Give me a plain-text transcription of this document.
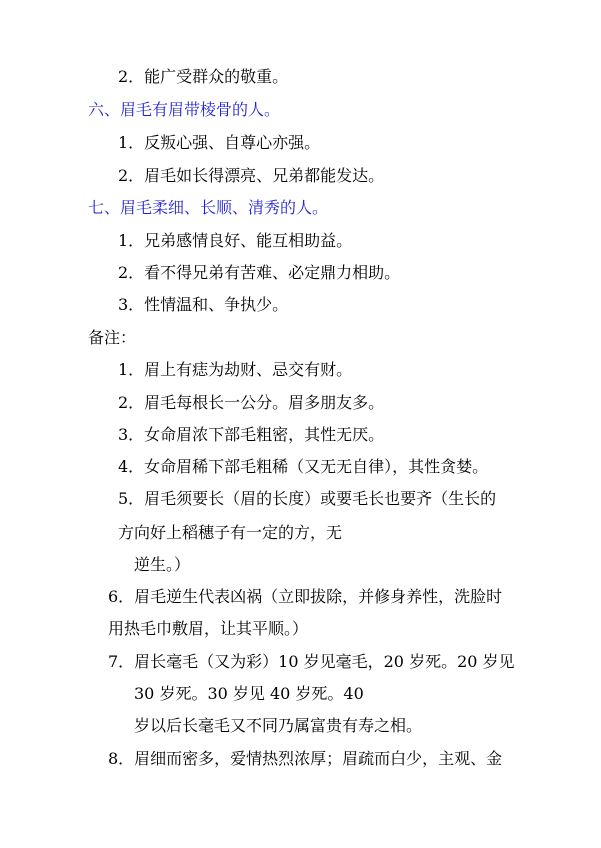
2．能广受群众的敬重。
六、眉毛有眉带棱骨的人。
1．反叛心强、自尊心亦强。
2．眉毛如长得漂亮、兄弟都能发达。
七、眉毛柔细、长顺、清秀的人。
1．兄弟感情良好、能互相助益。
2．看不得兄弟有苦难、必定鼎力相助。
3．性情温和、争执少。
备注：
1．眉上有痣为劫财、忌交有财。
2．眉毛每根长一公分。眉多朋友多。
3．女命眉浓下部毛粗密，其性无厌。
4．女命眉稀下部毛粗稀（又无无自律），其性贪婪。
5．眉毛须要长（眉的长度）或要毛长也要齐（生长的
方向好上稻穗子有一定的方，无
逆生。）
6．眉毛逆生代表凶祸（立即拔除，并修身养性，洗脸时
用热毛巾敷眉，让其平顺。）
7．眉长毫毛（又为彩）10 岁见毫毛，20 岁死。20 岁见
30 岁死。30 岁见 40 岁死。40
岁以后长毫毛又不同乃属富贵有寿之相。
8．眉细而密多，爱情热烈浓厚；眉疏而白少，主观、金
